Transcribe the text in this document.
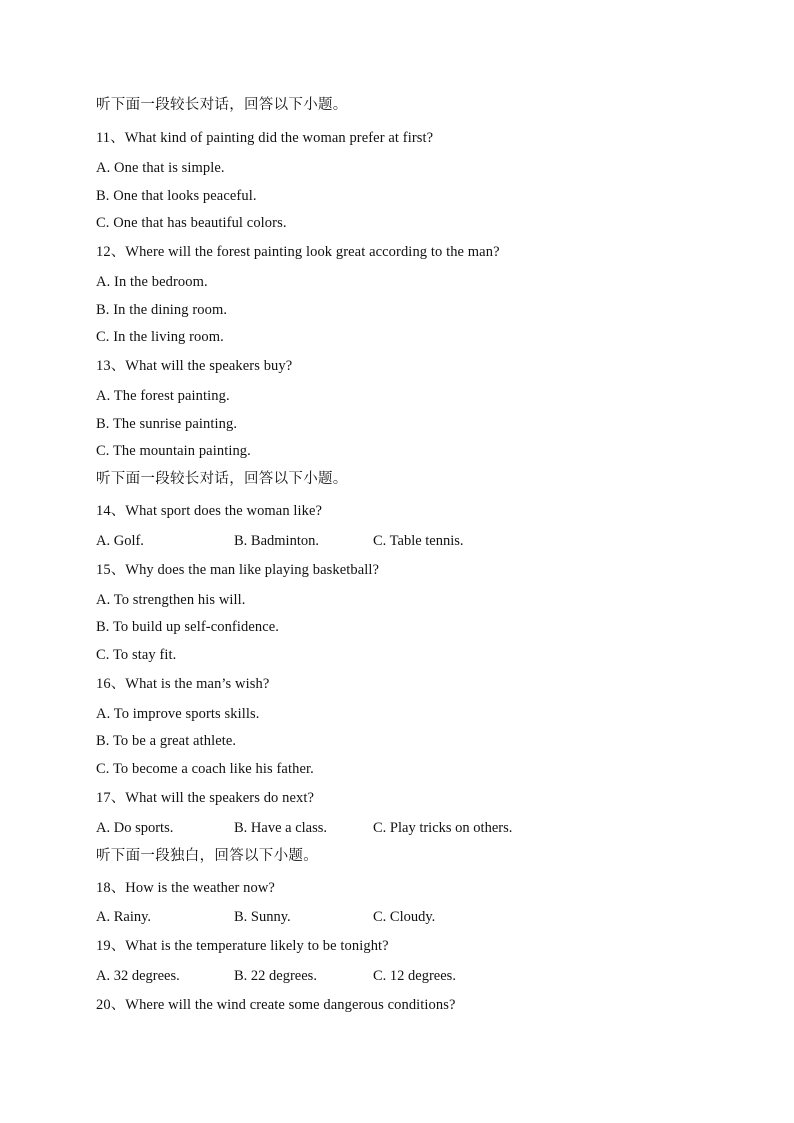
听下面一段较长对话，回答以下小题。
11、What kind of painting did the woman prefer at first?
A. One that is simple.
B. One that looks peaceful.
C. One that has beautiful colors.
12、Where will the forest painting look great according to the man?
A. In the bedroom.
B. In the dining room.
C. In the living room.
13、What will the speakers buy?
A. The forest painting.
B. The sunrise painting.
C. The mountain painting.
听下面一段较长对话，回答以下小题。
14、What sport does the woman like?
A. Golf.	B. Badminton.	C. Table tennis.
15、Why does the man like playing basketball?
A. To strengthen his will.
B. To build up self-confidence.
C. To stay fit.
16、What is the man’s wish?
A. To improve sports skills.
B. To be a great athlete.
C. To become a coach like his father.
17、What will the speakers do next?
A. Do sports.	B. Have a class.	C. Play tricks on others.
听下面一段独白，回答以下小题。
18、How is the weather now?
A. Rainy.	B. Sunny.	C. Cloudy.
19、What is the temperature likely to be tonight?
A. 32 degrees.	B. 22 degrees.	C. 12 degrees.
20、Where will the wind create some dangerous conditions?
